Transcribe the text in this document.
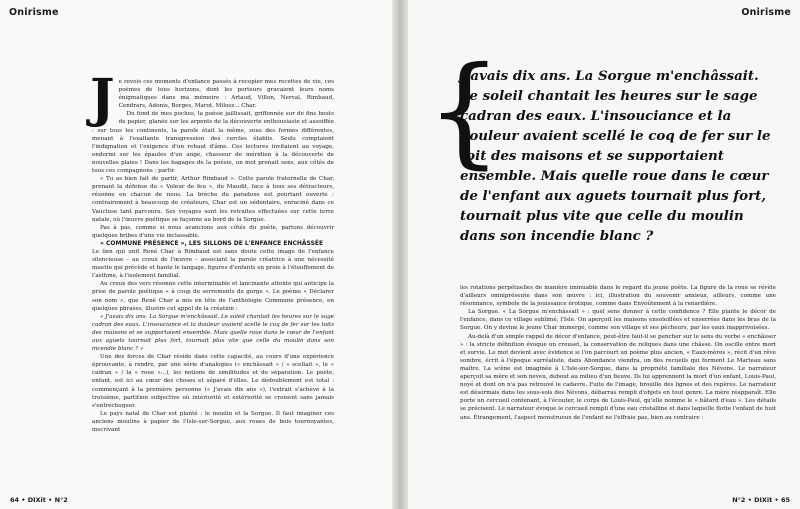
Onirisme
J e revois ces moments d'enfance passés à recopier mes recettes de vie, ces poèmes de tous horizons, dont les porteurs gravaient leurs noms énigmatiques dans ma mémoire : Artaud, Villon, Nerval, Rimbaud, Cendrars, Adonis, Borges, Marot, Milosz... Char.

Du fond de mes poches, la poésie jaillissait, griffonnée sur de fins bouts de papier, glanée sur les arpents de la découverte enthousiaste et assoiffée : sur tous les continents, la parole était la même, sous des formes différentes, menant à l'exaltante transgression des cercles établis. Seuls comptaient l'indignation et l'exigence d'un rehaut d'âme. Ces lectures invitaient au voyage, endormi sur les épaules d'un ange, chasseur de méridien à la découverte de nouvelles plaies ! Dans les bagages de la poésie, un mot prenait sens, aux côtés de tous ces compagnons : partir.

« Tu as bien fait de partir, Arthur Rimbaud ». Cette parole fraternelle de Char, prenant la défense du « Voleur de feu », du Maudit, face à tous ses détracteurs, résonne en chacun de nous. La brèche du paradoxe est pourtant ouverte : contrairement à beaucoup de créateurs, Char est un sédentaire, enraciné dans ce Vaucluse tant parcouru. Ses voyages sont les retraites effectuées sur cette terre natale, où l'œuvre poétique se façonne au bord de la Sorgue.

Pas à pas, comme si nous avancions aux côtés du poète, partons découvrir quelques bribes d'une vie inclassable.

« COMMUNE PRÉSENCE », LES SILLONS DE L'ENFANCE ENCHÂSSÉE

Le lien qui unit René Char à Rimbaud est sans doute cette image de l'enfance silencieuse – au creux de l'œuvre – associant la parole créatrice à une nécessité muette qui précède et hante le langage, figures d'enfants en proie à l'étouffement de l'asthme, à l'isolement familial.

Au creux des vers résonne cette interminable et lancinante attente qui anticipe la prise de parole poétique « à coup de serrements de gorge ». Le poème « Déclarer son nom », que René Char a mis en tête de l'anthologie Commune présence, en quelques phrases, illustre cet appel de la création :

« J'avais dix ans. La Sorgue m'enchâssait. Le soleil chantait les heures sur le sage cadran des eaux. L'insouciance et la douleur avaient scellé le coq de fer sur les toits des maisons et se supportaient ensemble. Mais quelle roue dans le cœur de l'enfant aux aguets tournait plus fort, tournait plus vite que celle du moulin dans son incendie blanc ? »

Une des forces de Char réside dans cette capacité, au cours d'une expérience éprouvante, à rendre, par une série d'analogies (« enchâssait » / « scellait », le « cadran » / la « roue »...), les notions de similitudes et de séparation. Le poète, enfant, est ici au cœur des choses et séparé d'elles. Le dédoublement est total : commençant à la première personne (« J'avais dix ans »), l'extrait s'achève à la troisième, partition subjective où intériorité et extériorité se croisent sans jamais s'entrechoquer.

Le pays natal de Char est planté : le moulin et la Sorgue. Il faut imaginer ces anciens moulins à papier de l'Isle-sur-Sorgue, aux roues de bois tournoyantes, inscrivant

64 • DIXit • N°2
Onirisme
{
J'avais dix ans. La Sorgue m'enchâssait. Le soleil chantait les heures sur le sage cadran des eaux. L'insouciance et la douleur avaient scellé le coq de fer sur le toit des maisons et se supportaient ensemble. Mais quelle roue dans le cœur de l'enfant aux aguets tournait plus fort, tournait plus vite que celle du moulin dans son incendie blanc ?

les rotations perpétuelles de manière immuable dans le regard du jeune poète. La figure de la roue se révèle d'ailleurs omniprésente dans son œuvre : ici, illustration du souvenir anxieux, ailleurs, comme une résonnance, symbole de la jouissance érotique, comme dans Envoûtement à la renardière.

La Sorgue. « La Sorgue m'enchâssait » : quel sens donner à cette confidence ? Elle plante le décor de l'enfance, dans ce village sublimé, l'Isle. On aperçoit les maisons ensoleillées et enserrées dans les bras de la Sorgue. On y devine le jeune Char immergé, comme son village et ses pêcheurs, par les eaux inapprivoisées.

Au-delà d'un simple rappel de décor d'enfance, peut-être faut-il se pencher sur le sens du verbe « enchâsser » : la stricte définition évoque un creuset, la conservation de reliques dans une châsse. On oscille entre mort et survie. Le mot devient avec évidence si l'on parcourt un poème plus ancien, « Eaux-mères », récit d'un rêve sombre, écrit à l'époque surréaliste, dans Abondance viendra, un des recueils qui forment Le Marteau sans maître. La scène est imaginée à L'Isle-sur-Sorgue, dans la propriété familiale des Névons. Le narrateur aperçoit sa mère et son neveu, debout au milieu d'un fleuve. Ils lui apprennent la mort d'un enfant, Louis-Paul, noyé et dont on n'a pas retrouvé le cadavre. Fuite de l'image, brouille des lignes et des repères. Le narrateur est désormais dans les sous-sols des Névons, débarras rempli d'objets en tout genre. La mère réapparaît. Elle porte un cercueil contenant, à l'écouter, le corps de Louis-Paul, qu'elle nomme le « bâtard d'eau ». Les détails se précisent. Le narrateur évoque le cercueil rempli d'une eau cristalline et dans laquelle flotte l'enfant de huit ans. Étrangement, l'aspect monstrueux de l'enfant ne l'effraie pas, bien au contraire :

N°2 • DIXit • 65
